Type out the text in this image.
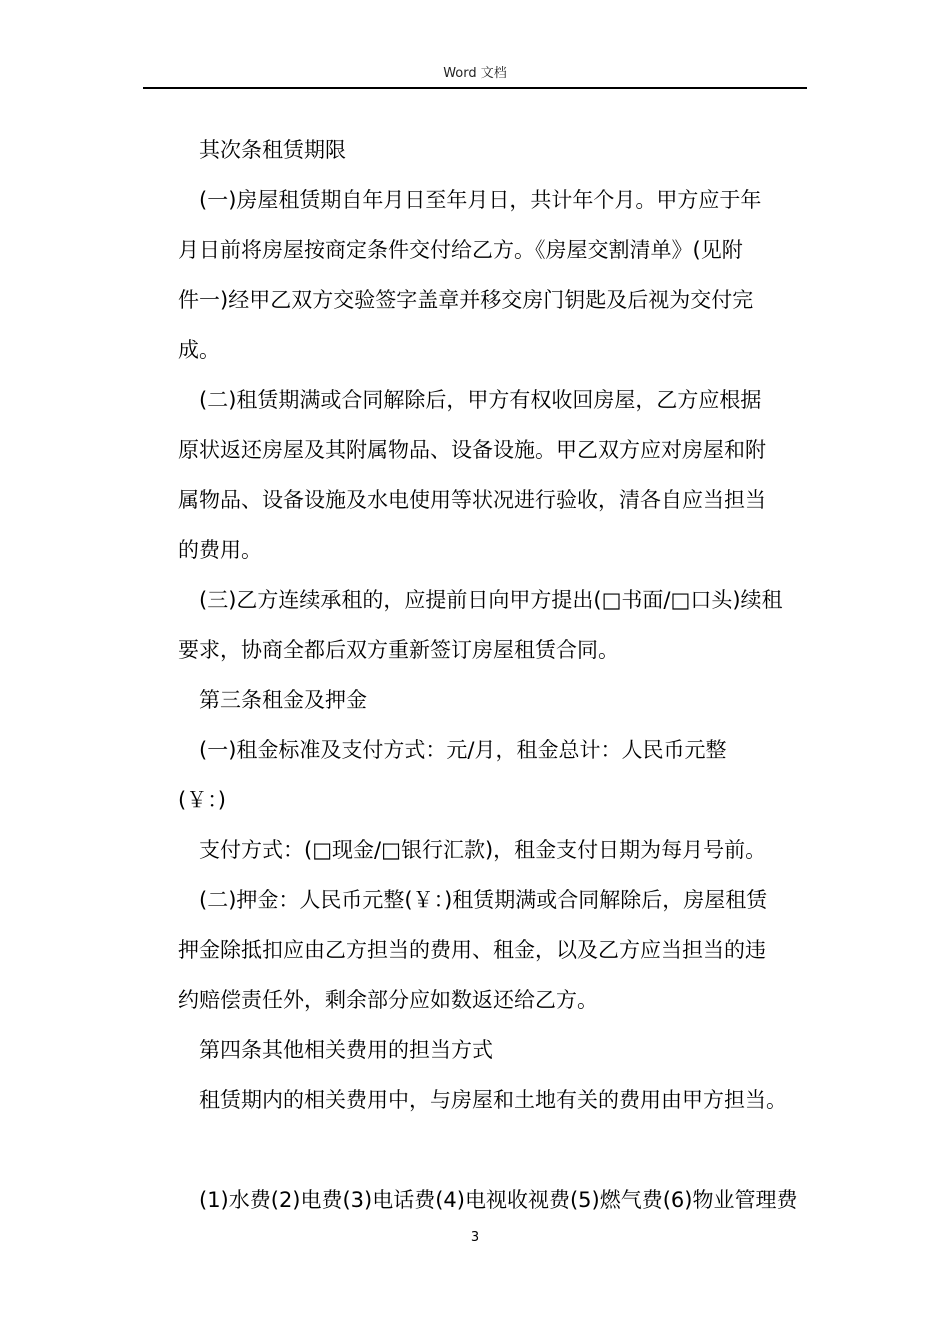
Word 文档
其次条租赁期限
(一)房屋租赁期自年月日至年月日，共计年个月。甲方应于年
月日前将房屋按商定条件交付给乙方。《房屋交割清单》(见附
件一)经甲乙双方交验签字盖章并移交房门钥匙及后视为交付完
成。
(二)租赁期满或合同解除后，甲方有权收回房屋，乙方应根据
原状返还房屋及其附属物品、设备设施。甲乙双方应对房屋和附
属物品、设备设施及水电使用等状况进行验收，清各自应当担当
的费用。
(三)乙方连续承租的，应提前日向甲方提出(□书面/□口头)续租
要求，协商全都后双方重新签订房屋租赁合同。
第三条租金及押金
(一)租金标准及支付方式：元/月，租金总计：人民币元整
(￥：)
支付方式：(□现金/□银行汇款)，租金支付日期为每月号前。
(二)押金：人民币元整(￥：)租赁期满或合同解除后，房屋租赁
押金除抵扣应由乙方担当的费用、租金，以及乙方应当担当的违
约赔偿责任外，剩余部分应如数返还给乙方。
第四条其他相关费用的担当方式
租赁期内的相关费用中，与房屋和土地有关的费用由甲方担当。
(1)水费(2)电费(3)电话费(4)电视收视费(5)燃气费(6)物业管理费
3
